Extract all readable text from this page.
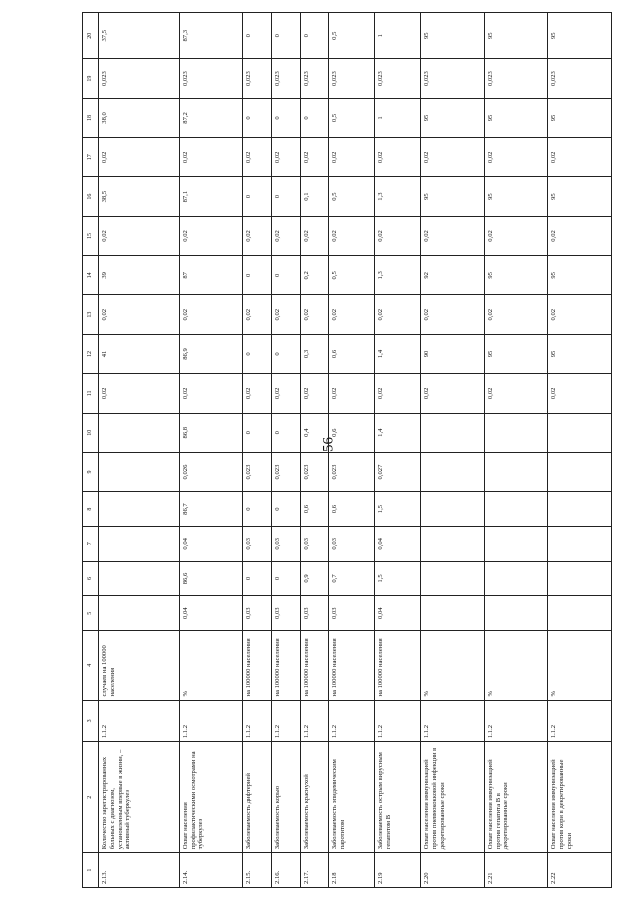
56
1	2	3	4	5	6	7	8	9	10	11	12	13	14	15	16	17	18	19	20
2.13.	Количество зарегистрированных больных с диагнозом, установленным впервые в жизни, – активный туберкулез	1.1.2	случаев на 100000 населения							0,02	41	0,02	39	0,02	38,5	0,02	38,0	0,023	37,5
2.14.	Охват населения профилактическими осмотрами на туберкулез	1.1.2	%	0,04	86,6	0,04	86,7	0,026	86,8	0,02	86,9	0,02	87	0,02	87,1	0,02	87,2	0,023	87,3
2.15.	Заболеваемость дифтерией	1.1.2	на 100000 населения	0,03	0	0,03	0	0,023	0	0,02	0	0,02	0	0,02	0	0,02	0	0,023	0
2.16.	Заболеваемость корью	1.1.2	на 100000 населения	0,03	0	0,03	0	0,023	0	0,02	0	0,02	0	0,02	0	0,02	0	0,023	0
2.17.	Заболеваемость краснухой	1.1.2	на 100000 населения	0,03	0,9	0,03	0,6	0,023	0,4	0,02	0,3	0,02	0,2	0,02	0,1	0,02	0	0,023	0
2.18	Заболеваемость эпидемическим паротитом	1.1.2	на 100000 населения	0,03	0,7	0,03	0,6	0,023	0,6	0,02	0,6	0,02	0,5	0,02	0,5	0,02	0,5	0,023	0,5
2.19	Заболеваемость острым вирусным гепатитом В	1.1.2	на 100000 населения	0,04	1,5	0,04	1,5	0,027	1,4	0,02	1,4	0,02	1,3	0,02	1,3	0,02	1	0,023	1
2.20	Охват населения иммунизацией против пневмококковой инфекции в декретированные сроки	1.1.2	%							0,02	90	0,02	92	0,02	95	0,02	95	0,023	95
2.21	Охват населения иммунизацией против гепатита В в декретированные сроки	1.1.2	%							0,02	95	0,02	95	0,02	95	0,02	95	0,023	95
2.22	Охват населения иммунизацией против кори в декретированные сроки	1.1.2	%							0,02	95	0,02	95	0,02	95	0,02	95	0,023	95
